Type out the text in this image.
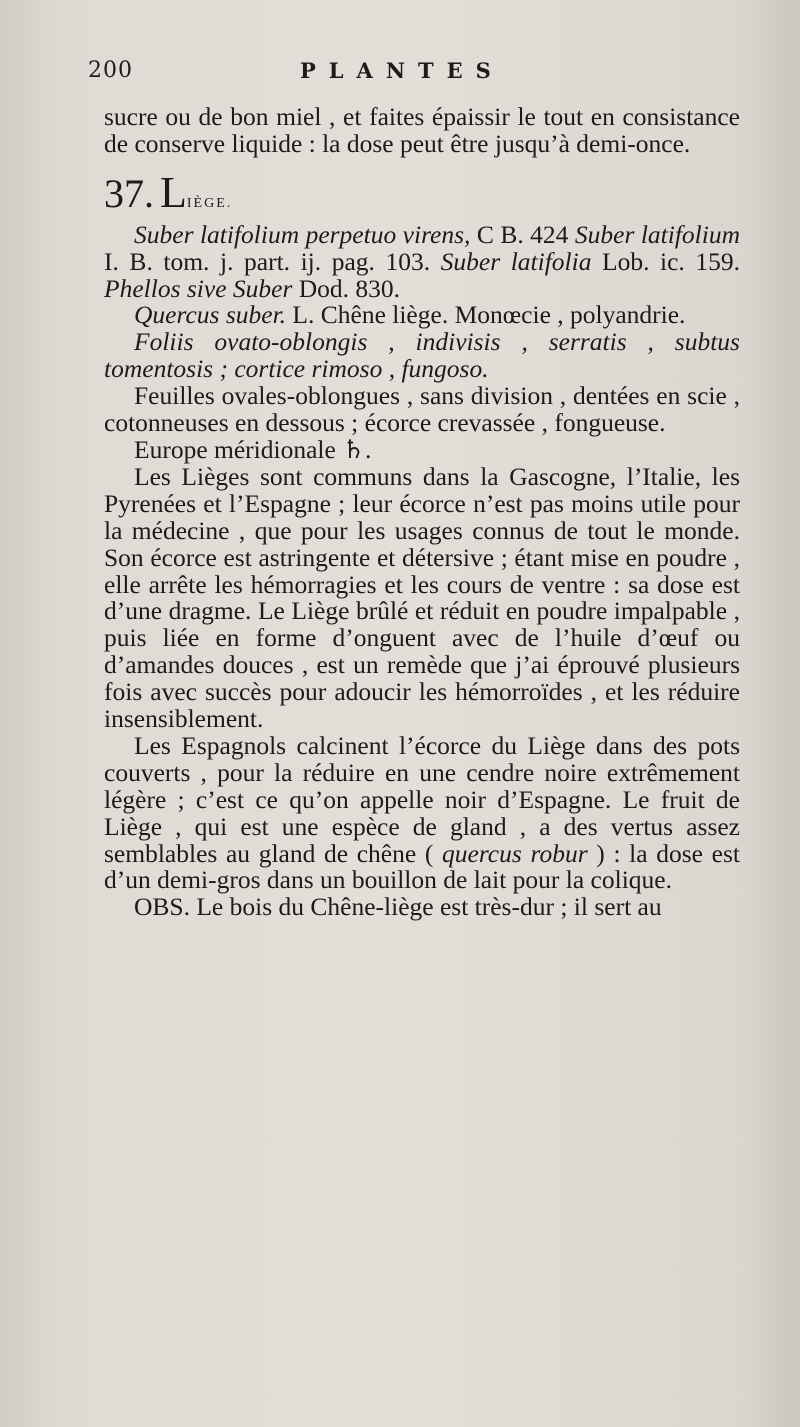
200	PLANTES

sucre ou de bon miel , et faites épaissir le tout en consistance de conserve liquide : la dose peut être jusqu’à demi-once.

37. LIÈGE.

Suber latifolium perpetuo virens, C B. 424 Suber latifolium I. B. tom. j. part. ij. pag. 103. Suber latifolia Lob. ic. 159. Phellos sive Suber Dod. 830.

Quercus suber. L. Chêne liège. Monœcie , polyandrie.

Foliis ovato-oblongis , indivisis , serratis , subtus tomentosis ; cortice rimoso , fungoso.

Feuilles ovales-oblongues , sans division , dentées en scie , cotonneuses en dessous ; écorce crevassée , fongueuse.

Europe méridionale ♄.

Les Lièges sont communs dans la Gascogne, l’Italie, les Pyrenées et l’Espagne ; leur écorce n’est pas moins utile pour la médecine , que pour les usages connus de tout le monde. Son écorce est astringente et détersive ; étant mise en poudre , elle arrête les hémorragies et les cours de ventre : sa dose est d’une dragme. Le Liège brûlé et réduit en poudre impalpable , puis liée en forme d’onguent avec de l’huile d’œuf ou d’amandes douces , est un remède que j’ai éprouvé plusieurs fois avec succès pour adoucir les hémorroïdes , et les réduire insensiblement.

Les Espagnols calcinent l’écorce du Liège dans des pots couverts , pour la réduire en une cendre noire extrêmement légère ; c’est ce qu’on appelle noir d’Espagne. Le fruit de Liège , qui est une espèce de gland , a des vertus assez semblables au gland de chêne ( quercus robur ) : la dose est d’un demi-gros dans un bouillon de lait pour la colique.

OBS. Le bois du Chêne-liège est très-dur ; il sert au
